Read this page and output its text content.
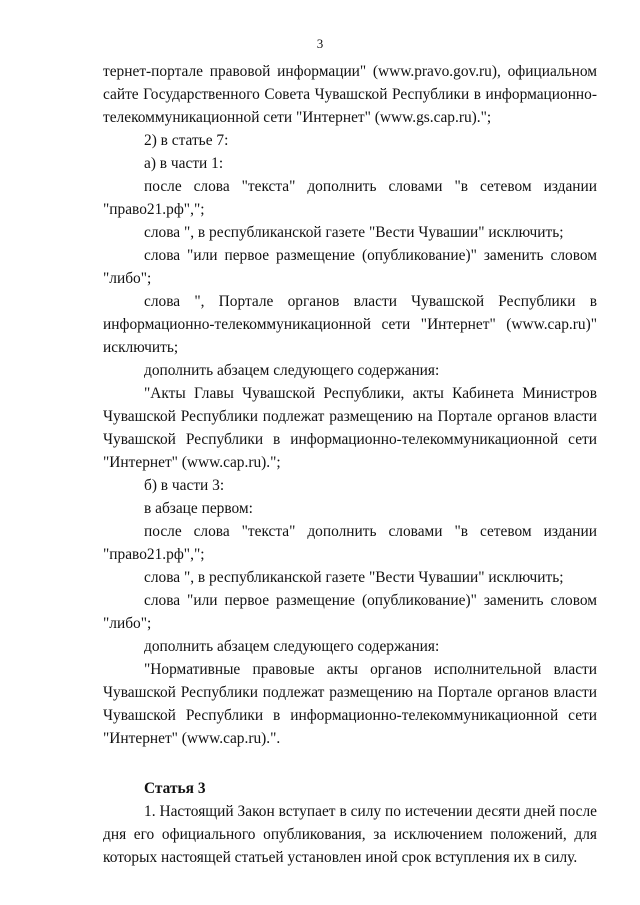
3

тернет-портале правовой информации" (www.pravo.gov.ru), официальном сайте Государственного Совета Чувашской Республики в информационно-телекоммуникационной сети "Интернет" (www.gs.cap.ru).";

2) в статье 7:

а) в части 1:

после слова "текста" дополнить словами "в сетевом издании "право21.рф",";

слова ", в республиканской газете "Вести Чувашии" исключить;

слова "или первое размещение (опубликование)" заменить словом "либо";

слова ", Портале органов власти Чувашской Республики в информационно-телекоммуникационной сети "Интернет" (www.cap.ru)" исключить;

дополнить абзацем следующего содержания:

"Акты Главы Чувашской Республики, акты Кабинета Министров Чувашской Республики подлежат размещению на Портале органов власти Чувашской Республики в информационно-телекоммуникационной сети "Интернет" (www.cap.ru).";

б) в части 3:

в абзаце первом:

после слова "текста" дополнить словами "в сетевом издании "право21.рф",";

слова ", в республиканской газете "Вести Чувашии" исключить;

слова "или первое размещение (опубликование)" заменить словом "либо";

дополнить абзацем следующего содержания:

"Нормативные правовые акты органов исполнительной власти Чувашской Республики подлежат размещению на Портале органов власти Чувашской Республики в информационно-телекоммуникационной сети "Интернет" (www.cap.ru).".

Статья 3

1. Настоящий Закон вступает в силу по истечении десяти дней после дня его официального опубликования, за исключением положений, для которых настоящей статьей установлен иной срок вступления их в силу.
